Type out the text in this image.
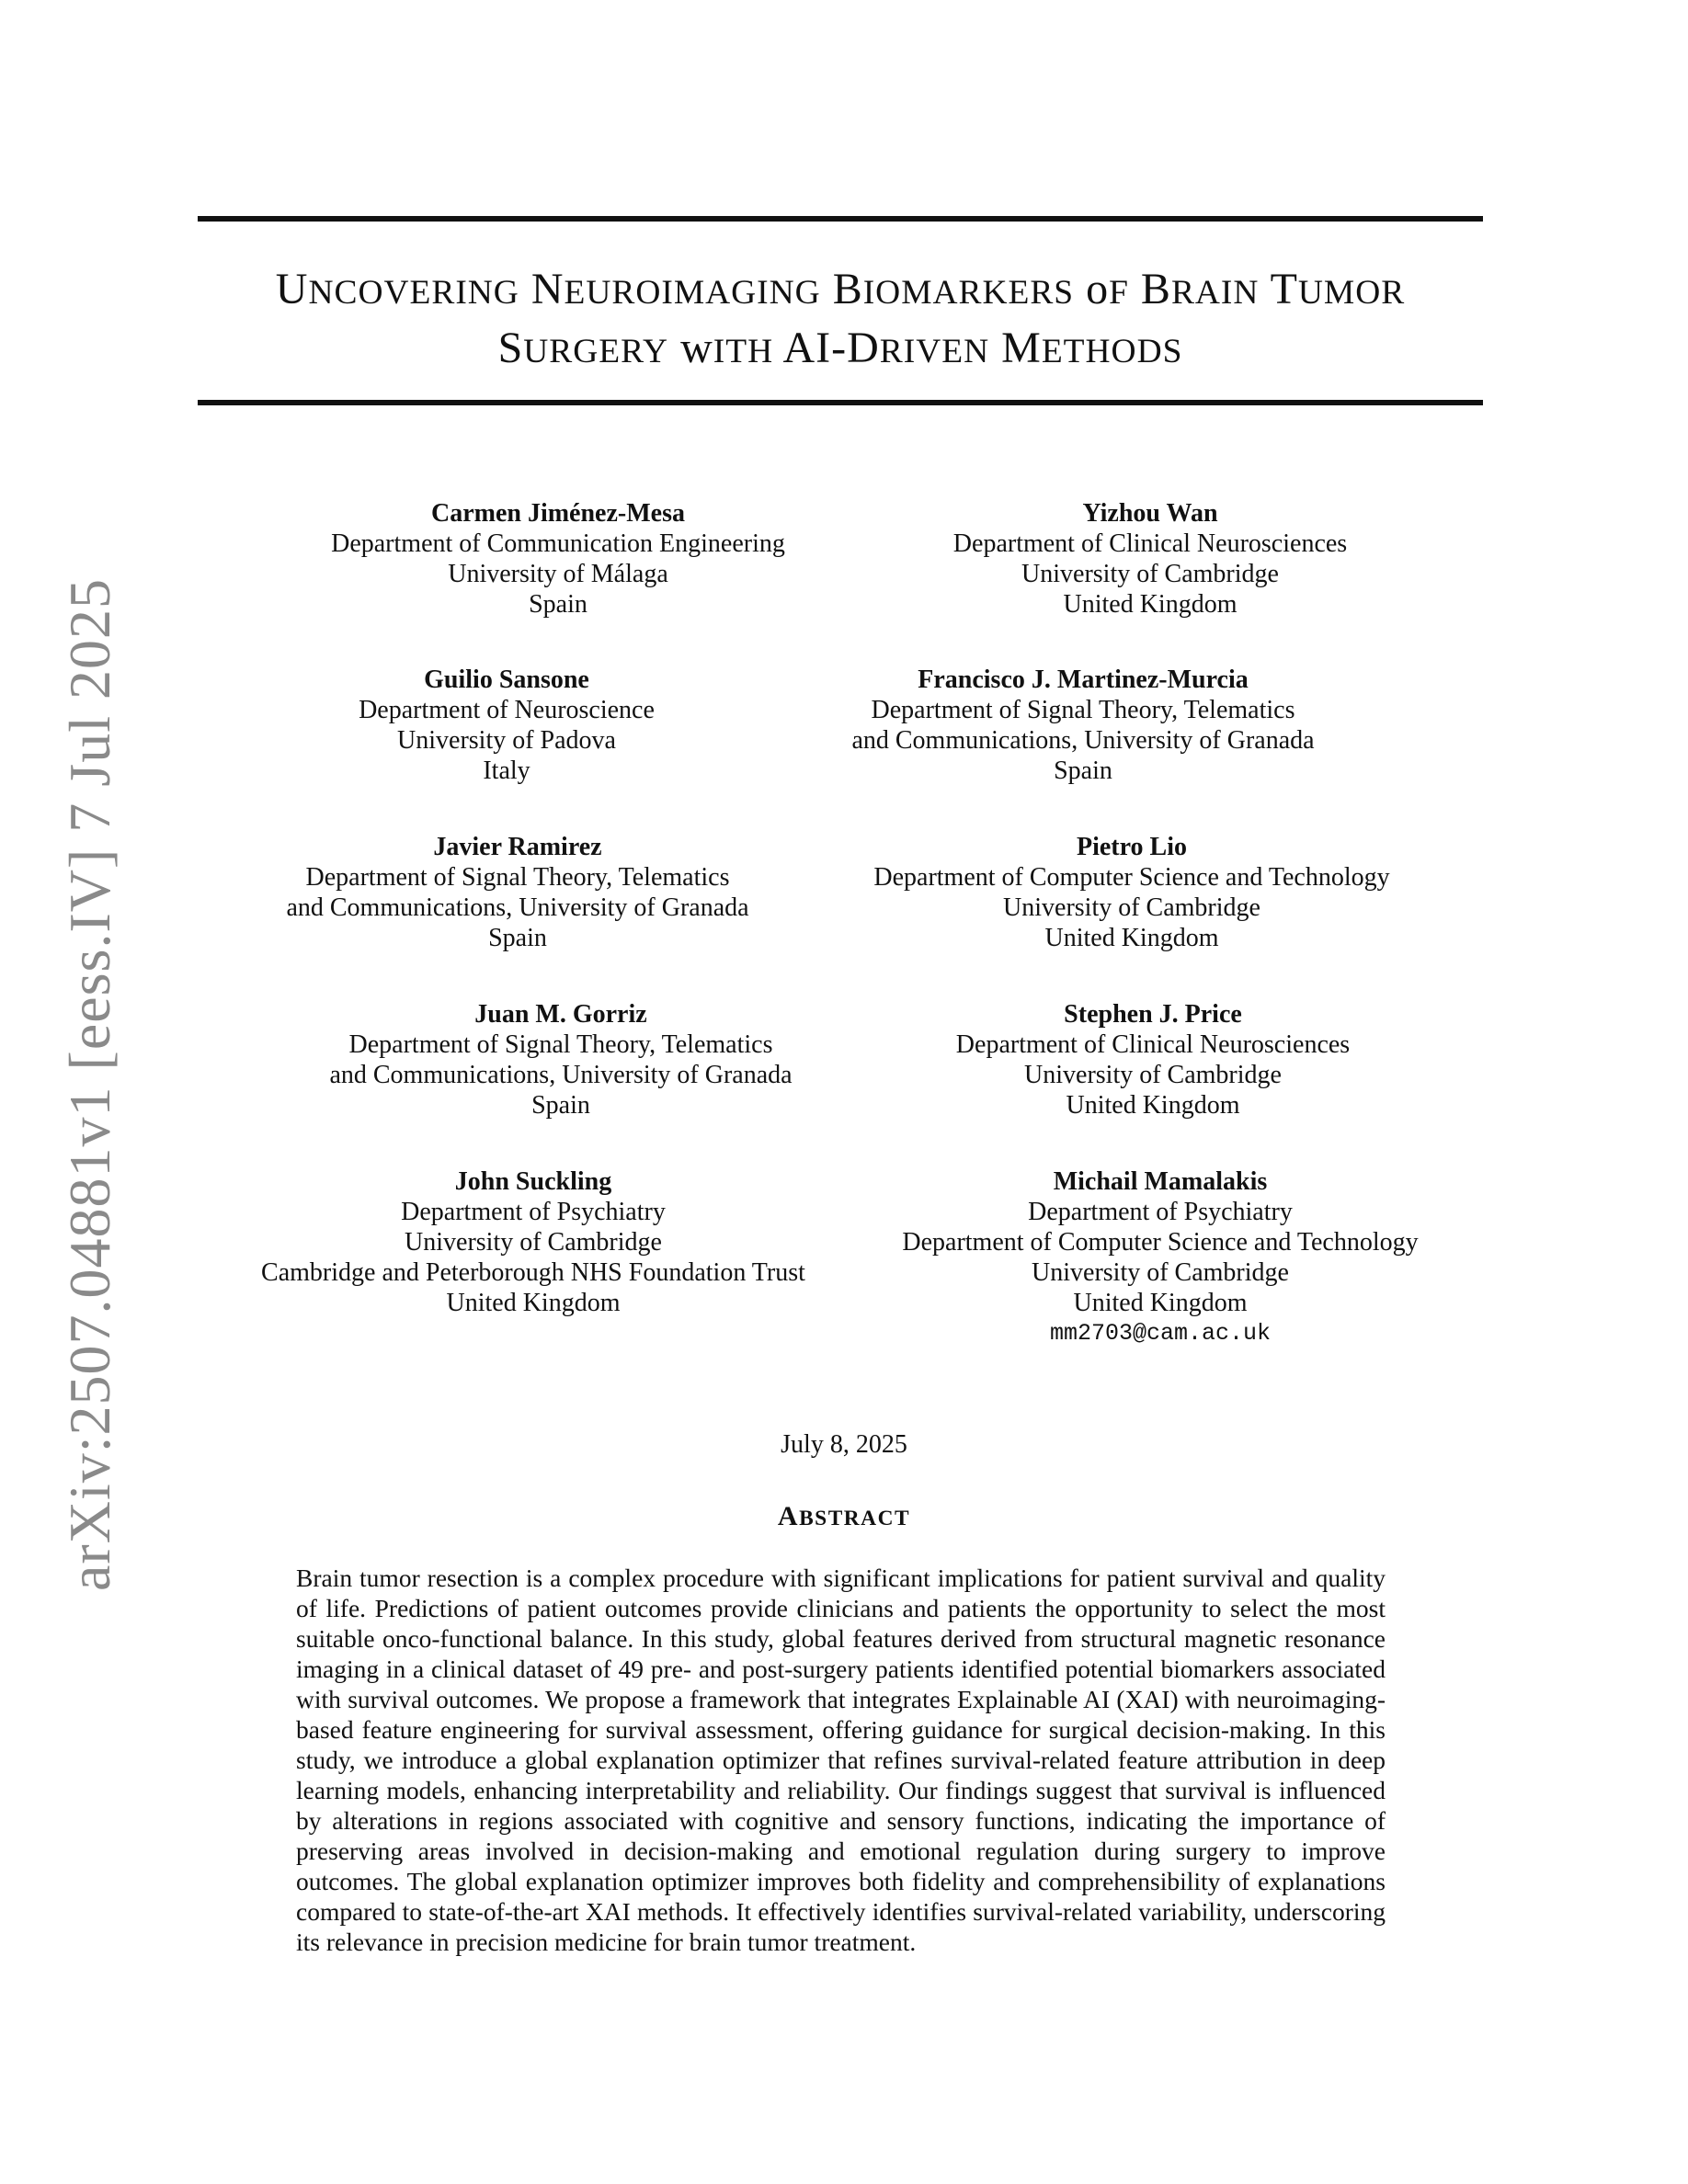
arXiv:2507.04881v1 [eess.IV] 7 Jul 2025
UNCOVERING NEUROIMAGING BIOMARKERS oF BRAIN TUMOR
SURGERY wITH AI-DRIVEN METHODS
Carmen Jiménez-Mesa
Department of Communication Engineering
University of Málaga
Spain
Guilio Sansone
Department of Neuroscience
University of Padova
Italy
Javier Ramirez
Department of Signal Theory, Telematics
and Communications, University of Granada
Spain
Juan M. Gorriz
Department of Signal Theory, Telematics
and Communications, University of Granada
Spain
John Suckling
Department of Psychiatry
University of Cambridge
Cambridge and Peterborough NHS Foundation Trust
United Kingdom
Yizhou Wan
Department of Clinical Neurosciences
University of Cambridge
United Kingdom
Francisco J. Martinez-Murcia
Department of Signal Theory, Telematics
and Communications, University of Granada
Spain
Pietro Lio
Department of Computer Science and Technology
University of Cambridge
United Kingdom
Stephen J. Price
Department of Clinical Neurosciences
University of Cambridge
United Kingdom
Michail Mamalakis
Department of Psychiatry
Department of Computer Science and Technology
University of Cambridge
United Kingdom
mm2703@cam.ac.uk
July 8, 2025
ABSTRACT
Brain tumor resection is a complex procedure with significant implications for patient survival and quality of life. Predictions of patient outcomes provide clinicians and patients the opportunity to select the most suitable onco-functional balance. In this study, global features derived from structural magnetic resonance imaging in a clinical dataset of 49 pre- and post-surgery patients identified potential biomarkers associated with survival outcomes. We propose a framework that integrates Explainable AI (XAI) with neuroimaging-based feature engineering for survival assessment, offering guidance for surgical decision-making. In this study, we introduce a global explanation optimizer that refines survival-related feature attribution in deep learning models, enhancing interpretability and reliability. Our findings suggest that survival is influenced by alterations in regions associated with cognitive and sensory functions, indicating the importance of preserving areas involved in decision-making and emotional regulation during surgery to improve outcomes. The global explanation optimizer improves both fidelity and comprehensibility of explanations compared to state-of-the-art XAI methods. It effectively identifies survival-related variability, underscoring its relevance in precision medicine for brain tumor treatment.
